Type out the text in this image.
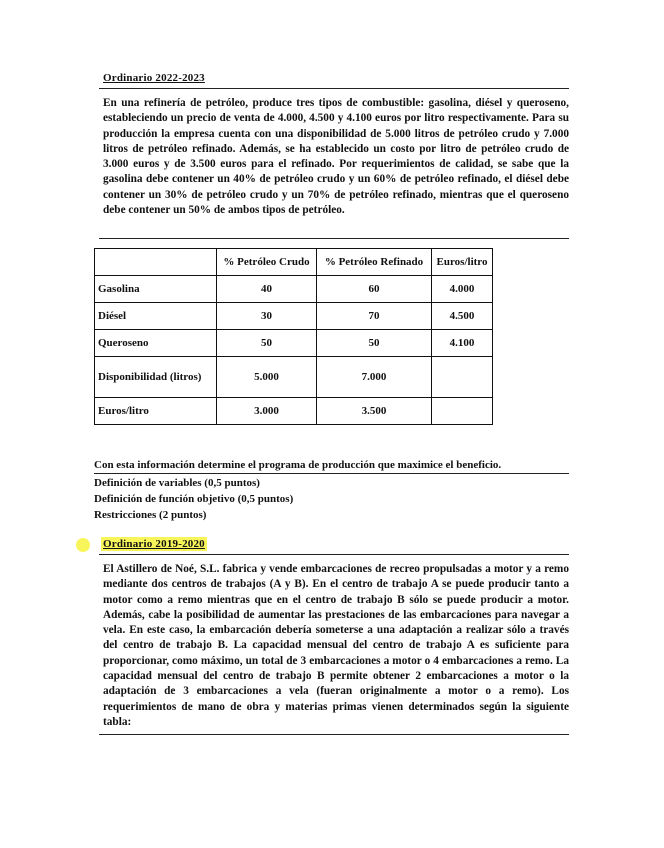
Ordinario 2022-2023
En una refinería de petróleo, produce tres tipos de combustible: gasolina, diésel y queroseno, estableciendo un precio de venta de 4.000, 4.500 y 4.100 euros por litro respectivamente. Para su producción la empresa cuenta con una disponibilidad de 5.000 litros de petróleo crudo y 7.000 litros de petróleo refinado. Además, se ha establecido un costo por litro de petróleo crudo de 3.000 euros y de 3.500 euros para el refinado. Por requerimientos de calidad, se sabe que la gasolina debe contener un 40% de petróleo crudo y un 60% de petróleo refinado, el diésel debe contener un 30% de petróleo crudo y un 70% de petróleo refinado, mientras que el queroseno debe contener un 50% de ambos tipos de petróleo.
	% Petróleo Crudo	% Petróleo Refinado	Euros/litro
Gasolina	40	60	4.000
Diésel	30	70	4.500
Queroseno	50	50	4.100
Disponibilidad (litros)	5.000	7.000	
Euros/litro	3.000	3.500	
Con esta información determine el programa de producción que maximice el beneficio.
Definición de variables (0,5 puntos)
Definición de función objetivo (0,5 puntos)
Restricciones (2 puntos)
Ordinario 2019-2020
El Astillero de Noé, S.L. fabrica y vende embarcaciones de recreo propulsadas a motor y a remo mediante dos centros de trabajos (A y B). En el centro de trabajo A se puede producir tanto a motor como a remo mientras que en el centro de trabajo B sólo se puede producir a motor. Además, cabe la posibilidad de aumentar las prestaciones de las embarcaciones para navegar a vela. En este caso, la embarcación debería someterse a una adaptación a realizar sólo a través del centro de trabajo B. La capacidad mensual del centro de trabajo A es suficiente para proporcionar, como máximo, un total de 3 embarcaciones a motor o 4 embarcaciones a remo. La capacidad mensual del centro de trabajo B permite obtener 2 embarcaciones a motor o la adaptación de 3 embarcaciones a vela (fueran originalmente a motor o a remo). Los requerimientos de mano de obra y materias primas vienen determinados según la siguiente tabla:
